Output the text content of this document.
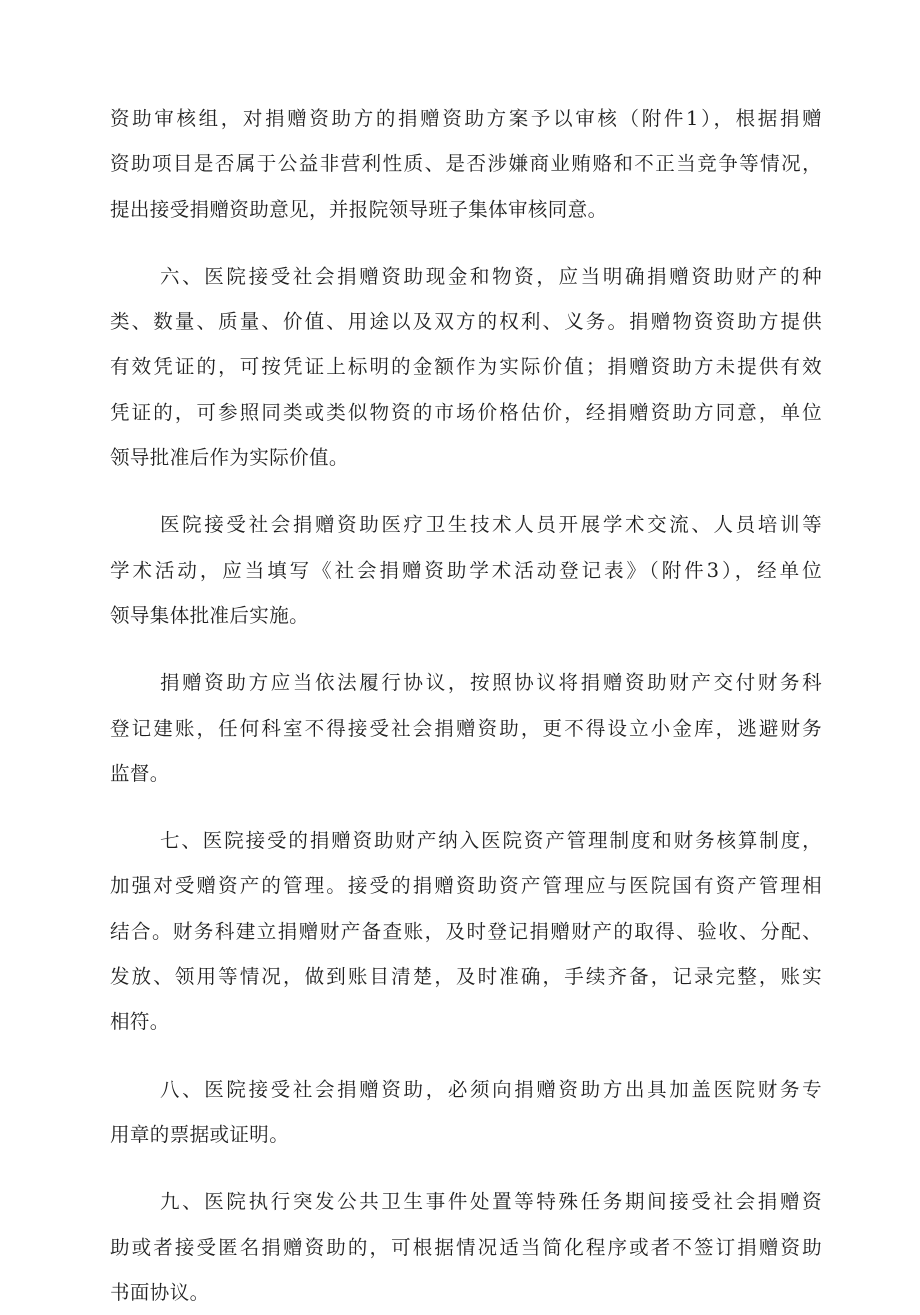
资助审核组，对捐赠资助方的捐赠资助方案予以审核（附件1），根据捐赠
资助项目是否属于公益非营利性质、是否涉嫌商业贿赂和不正当竞争等情况，
提出接受捐赠资助意见，并报院领导班子集体审核同意。
六、医院接受社会捐赠资助现金和物资，应当明确捐赠资助财产的种
类、数量、质量、价值、用途以及双方的权利、义务。捐赠物资资助方提供
有效凭证的，可按凭证上标明的金额作为实际价值；捐赠资助方未提供有效
凭证的，可参照同类或类似物资的市场价格估价，经捐赠资助方同意，单位
领导批准后作为实际价值。
医院接受社会捐赠资助医疗卫生技术人员开展学术交流、人员培训等
学术活动，应当填写《社会捐赠资助学术活动登记表》（附件3），经单位
领导集体批准后实施。
捐赠资助方应当依法履行协议，按照协议将捐赠资助财产交付财务科
登记建账，任何科室不得接受社会捐赠资助，更不得设立小金库，逃避财务
监督。
七、医院接受的捐赠资助财产纳入医院资产管理制度和财务核算制度，
加强对受赠资产的管理。接受的捐赠资助资产管理应与医院国有资产管理相
结合。财务科建立捐赠财产备查账，及时登记捐赠财产的取得、验收、分配、
发放、领用等情况，做到账目清楚，及时准确，手续齐备，记录完整，账实
相符。
八、医院接受社会捐赠资助，必须向捐赠资助方出具加盖医院财务专
用章的票据或证明。
九、医院执行突发公共卫生事件处置等特殊任务期间接受社会捐赠资
助或者接受匿名捐赠资助的，可根据情况适当简化程序或者不签订捐赠资助
书面协议。
